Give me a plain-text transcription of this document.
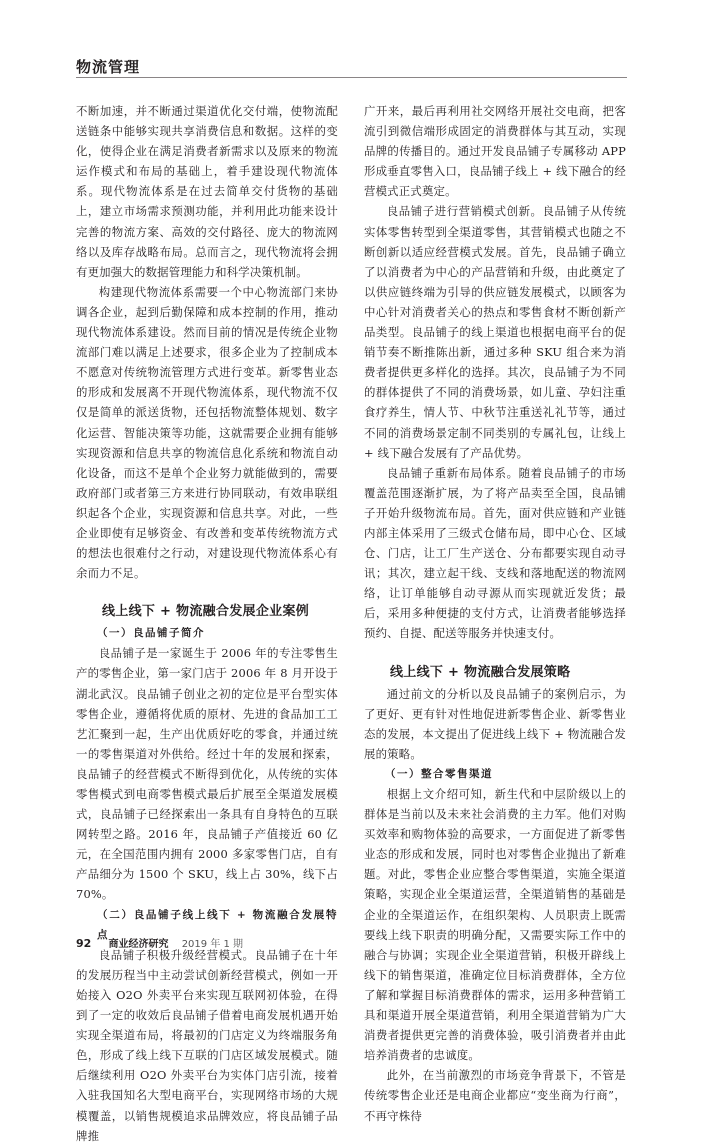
物流管理

不断加速，并不断通过渠道优化交付端，使物流配送链条中能够实现共享消费信息和数据。这样的变化，使得企业在满足消费者新需求以及原来的物流运作模式和布局的基础上，着手建设现代物流体系。现代物流体系是在过去简单交付货物的基础上，建立市场需求预测功能，并利用此功能来设计完善的物流方案、高效的交付路径、庞大的物流网络以及库存战略布局。总而言之，现代物流将会拥有更加强大的数据管理能力和科学决策机制。

构建现代物流体系需要一个中心物流部门来协调各企业，起到后勤保障和成本控制的作用，推动现代物流体系建设。然而目前的情况是传统企业物流部门难以满足上述要求，很多企业为了控制成本不愿意对传统物流管理方式进行变革。新零售业态的形成和发展离不开现代物流体系，现代物流不仅仅是简单的派送货物，还包括物流整体规划、数字化运营、智能决策等功能，这就需要企业拥有能够实现资源和信息共享的物流信息化系统和物流自动化设备，而这不是单个企业努力就能做到的，需要政府部门或者第三方来进行协同联动，有效串联组织起各个企业，实现资源和信息共享。对此，一些企业即使有足够资金、有改善和变革传统物流方式的想法也很难付之行动，对建设现代物流体系心有余而力不足。

线上线下 + 物流融合发展企业案例
（一）良品铺子简介

良品铺子是一家诞生于 2006 年的专注零售生产的零售企业，第一家门店于 2006 年 8 月开设于湖北武汉。良品铺子创业之初的定位是平台型实体零售企业，遵循将优质的原材、先进的食品加工工艺汇聚到一起，生产出优质好吃的零食，并通过统一的零售渠道对外供给。经过十年的发展和探索，良品铺子的经营模式不断得到优化，从传统的实体零售模式到电商零售模式最后扩展至全渠道发展模式，良品铺子已经探索出一条具有自身特色的互联网转型之路。2016 年，良品铺子产值接近 60 亿元，在全国范围内拥有 2000 多家零售门店，自有产品细分为 1500 个 SKU，线上占 30%，线下占 70%。

（二）良品铺子线上线下 + 物流融合发展特点

良品铺子积极升级经营模式。良品铺子在十年的发展历程当中主动尝试创新经营模式，例如一开始接入 O2O 外卖平台来实现互联网初体验，在得到了一定的收效后良品铺子借着电商发展机遇开始实现全渠道布局，将最初的门店定义为终端服务角色，形成了线上线下互联的门店区域发展模式。随后继续利用 O2O 外卖平台为实体门店引流，接着入驻我国知名大型电商平台，实现网络市场的大规模覆盖，以销售规模追求品牌效应，将良品铺子品牌推

广开来，最后再利用社交网络开展社交电商，把客流引到微信端形成固定的消费群体与其互动，实现品牌的传播目的。通过开发良品铺子专属移动 APP 形成垂直零售入口，良品铺子线上 + 线下融合的经营模式正式奠定。

良品铺子进行营销模式创新。良品铺子从传统实体零售转型到全渠道零售，其营销模式也随之不断创新以适应经营模式发展。首先，良品铺子确立了以消费者为中心的产品营销和升级，由此奠定了以供应链终端为引导的供应链发展模式，以顾客为中心针对消费者关心的热点和零售食材不断创新产品类型。良品铺子的线上渠道也根据电商平台的促销节奏不断推陈出新，通过多种 SKU 组合来为消费者提供更多样化的选择。其次，良品铺子为不同的群体提供了不同的消费场景，如儿童、孕妇注重食疗养生，情人节、中秋节注重送礼礼节等，通过不同的消费场景定制不同类别的专属礼包，让线上 + 线下融合发展有了产品优势。

良品铺子重新布局体系。随着良品铺子的市场覆盖范围逐渐扩展，为了将产品卖至全国，良品铺子开始升级物流布局。首先，面对供应链和产业链内部主体采用了三级式仓储布局，即中心仓、区域仓、门店，让工厂生产送仓、分布都要实现自动寻讯；其次，建立起干线、支线和落地配送的物流网络，让订单能够自动寻源从而实现就近发货；最后，采用多种便捷的支付方式，让消费者能够选择预约、自提、配送等服务并快速支付。

线上线下 + 物流融合发展策略

通过前文的分析以及良品铺子的案例启示，为了更好、更有针对性地促进新零售企业、新零售业态的发展，本文提出了促进线上线下 + 物流融合发展的策略。

（一）整合零售渠道

根据上文介绍可知，新生代和中层阶级以上的群体是当前以及未来社会消费的主力军。他们对购买效率和购物体验的高要求，一方面促进了新零售业态的形成和发展，同时也对零售企业抛出了新难题。对此，零售企业应整合零售渠道，实施全渠道策略，实现企业全渠道运营，全渠道销售的基础是企业的全渠道运作，在组织架构、人员职责上既需要线上线下职责的明确分配，又需要实际工作中的融合与协调；实现企业全渠道营销，积极开辟线上线下的销售渠道，准确定位目标消费群体，全方位了解和掌握目标消费群体的需求，运用多种营销工具和渠道开展全渠道营销，利用全渠道营销为广大消费者提供更完善的消费体验，吸引消费者并由此培养消费者的忠诚度。

此外，在当前激烈的市场竞争背景下，不管是传统零售企业还是电商企业都应“变坐商为行商”，不再守株待

92 商业经济研究 2019 年 1 期
